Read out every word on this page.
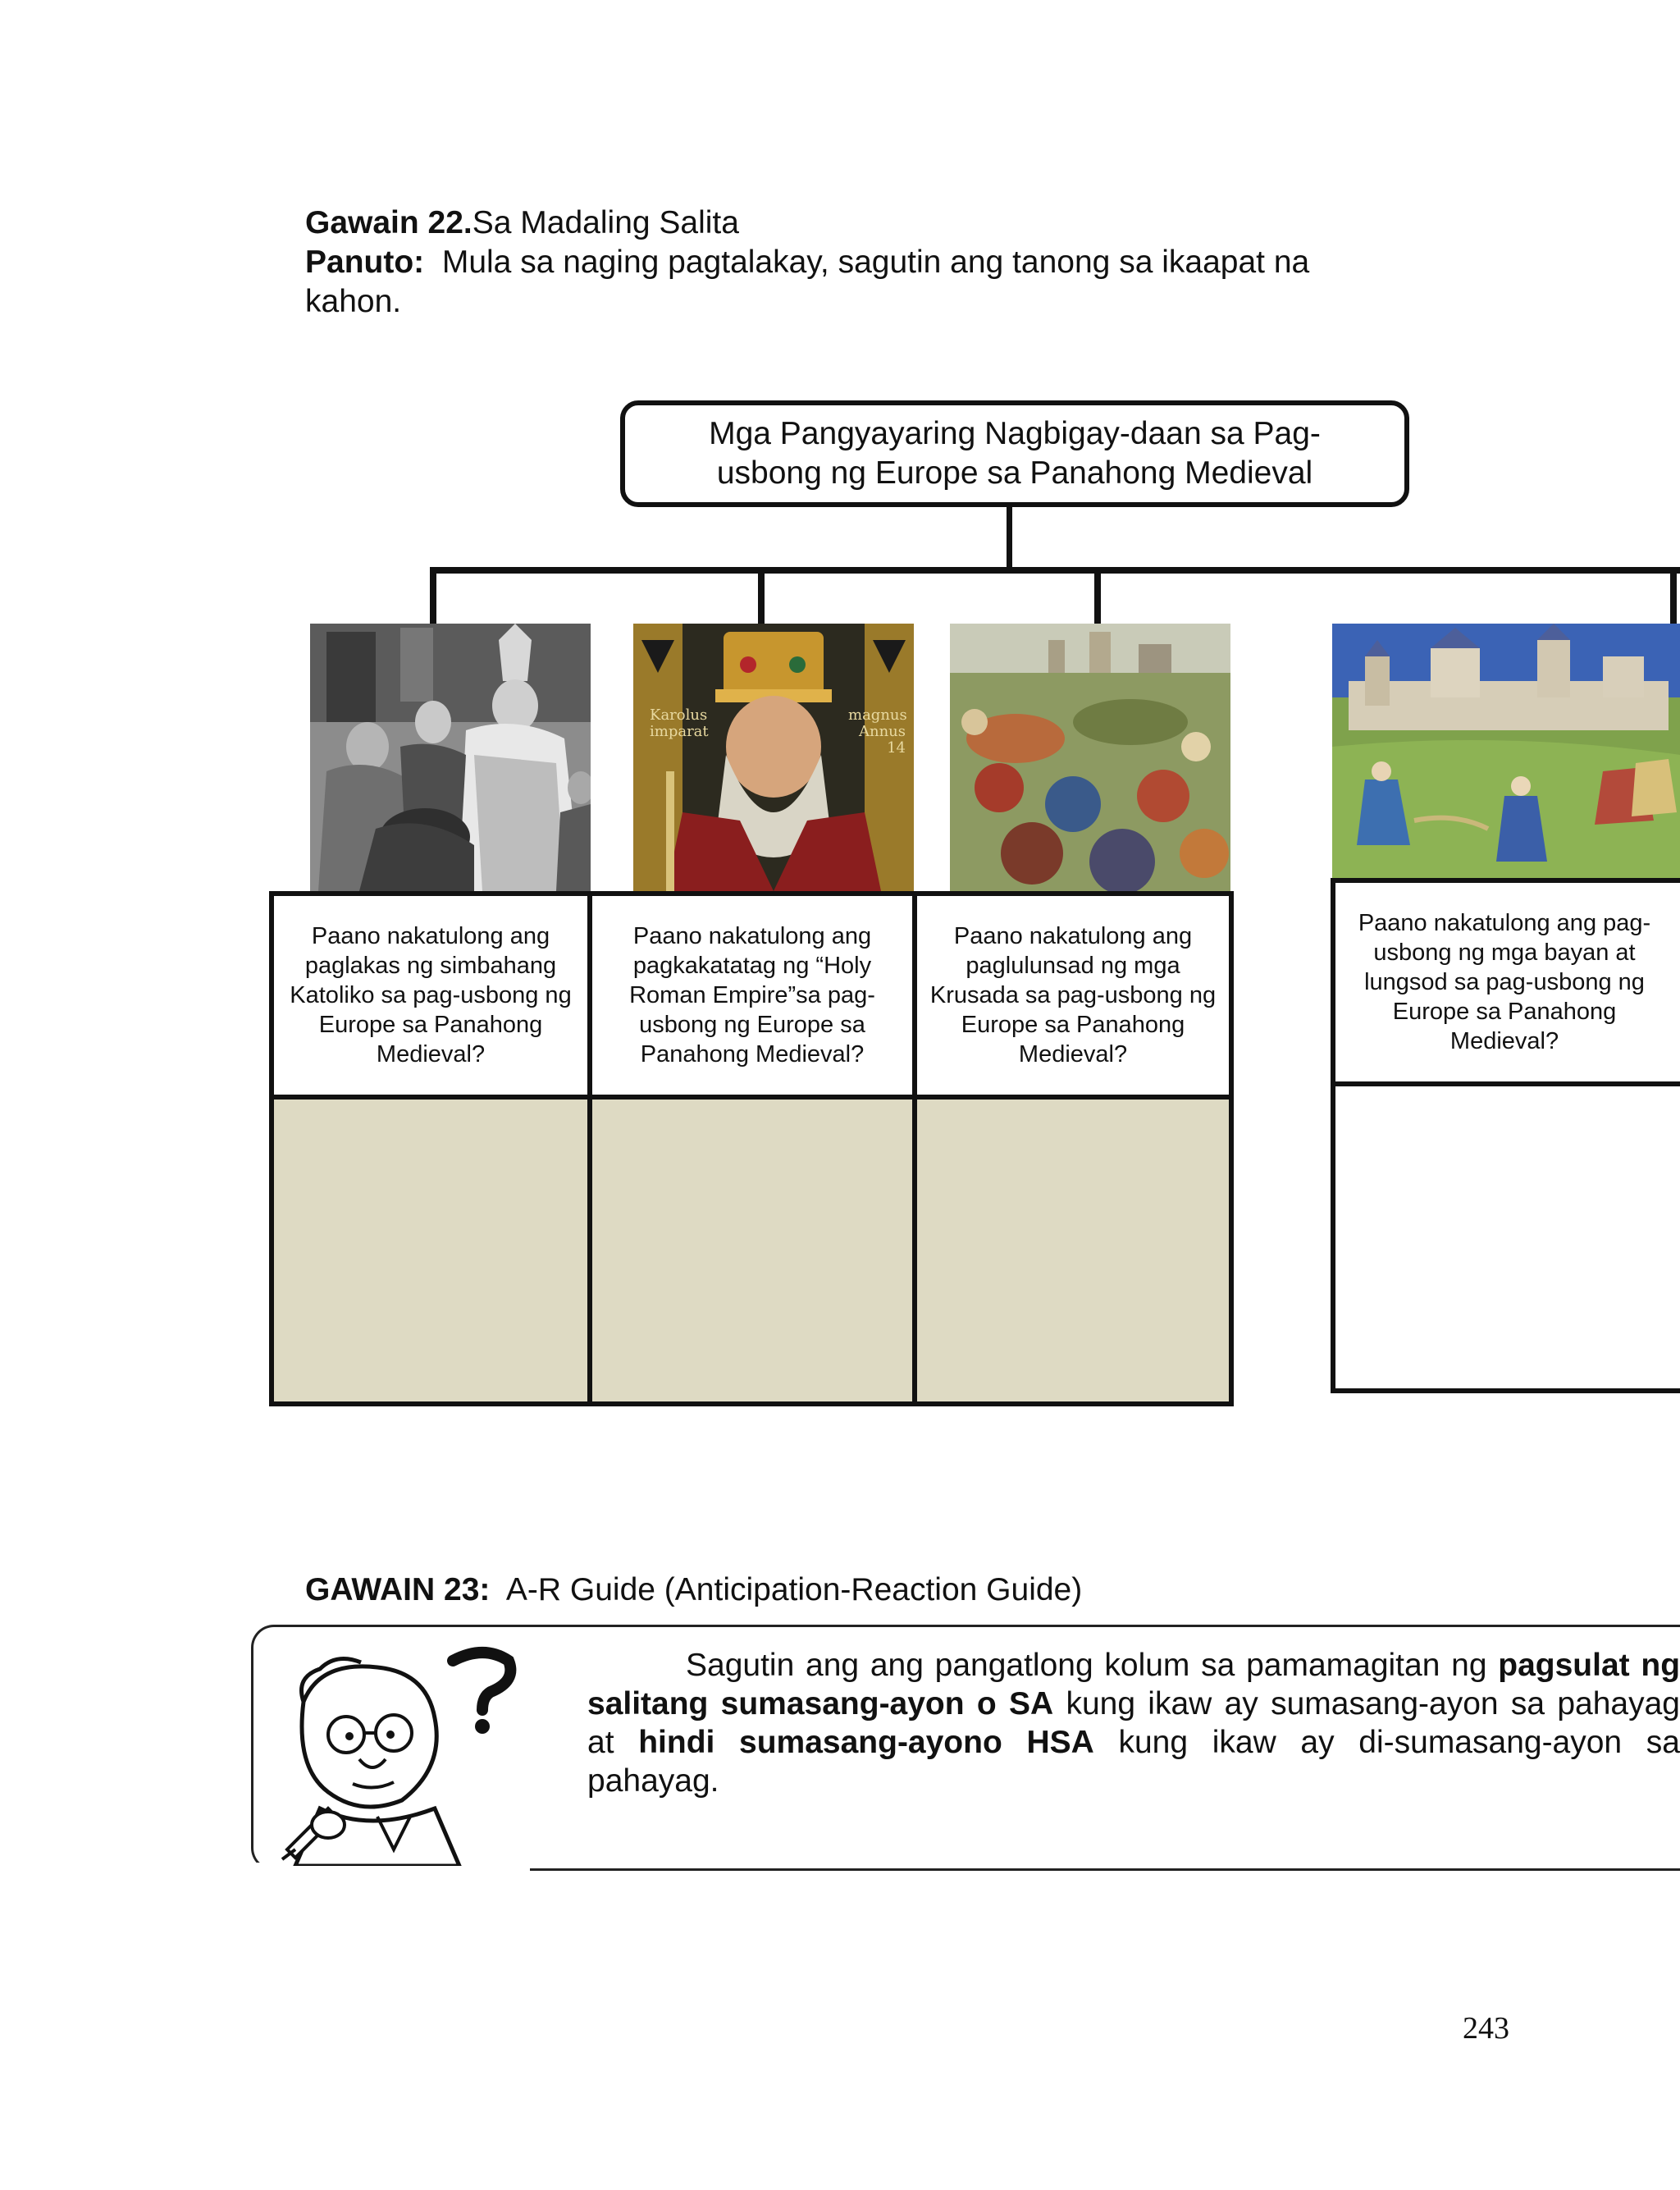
Gawain 22.Sa Madaling Salita
Panuto: Mula sa naging pagtalakay, sagutin ang tanong sa ikaapat na kahon.
Mga Pangyayaring Nagbigay-daan sa Pag-usbong ng Europe sa Panahong Medieval
Karolus imparat
magnus Annus 14
Paano nakatulong ang paglakas ng simbahang Katoliko sa pag-usbong ng Europe sa Panahong Medieval?
Paano nakatulong ang pagkakatatag ng “Holy Roman Empire”sa pag-usbong ng Europe sa Panahong Medieval?
Paano nakatulong ang paglulunsad ng mga Krusada sa pag-usbong ng Europe sa Panahong Medieval?
Paano nakatulong ang pag-usbong ng mga bayan at lungsod sa pag-usbong ng Europe sa Panahong Medieval?
GAWAIN 23: A-R Guide (Anticipation-Reaction Guide)
Sagutin ang ang pangatlong kolum sa pamamagitan ng pagsulat ng salitang sumasang-ayon o SA kung ikaw ay sumasang-ayon sa pahayag at hindi sumasang-ayono HSA kung ikaw ay di-sumasang-ayon sa pahayag.
243
